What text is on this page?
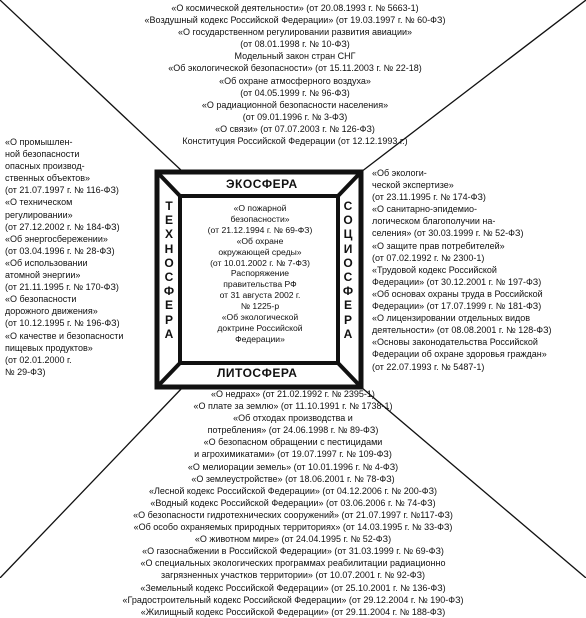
ЭКОСФЕРА
ЛИТОСФЕРА
Т
Е
Х
Н
О
С
Ф
Е
Р
А
С
О
Ц
И
О
С
Ф
Е
Р
А
«О пожарной
безопасности»
(от 21.12.1994 г. № 69-ФЗ)
«Об охране
окружающей среды»
(от 10.01.2002 г. № 7-ФЗ)
Распоряжение
правительства РФ
от 31 августа 2002 г.
№ 1225-р
«Об экологической
доктрине Российской
Федерации»
«О космической деятельности» (от 20.08.1993 г. № 5663-1)
«Воздушный кодекс Российской Федерации» (от 19.03.1997 г. № 60-ФЗ)
«О государственном регулировании развития авиации»
(от 08.01.1998 г. № 10-ФЗ)
Модельный закон стран СНГ
«Об экологической безопасности» (от 15.11.2003 г. № 22-18)
«Об охране атмосферного воздуха»
(от 04.05.1999 г. № 96-ФЗ)
«О радиационной безопасности населения»
(от 09.01.1996 г. № 3-ФЗ)
«О связи» (от 07.07.2003 г. № 126-ФЗ)
Конституция Российской Федерации (от 12.12.1993 г.)
«О промышлен-
ной безопасности
опасных производ-
ственных объектов»
(от 21.07.1997 г. № 116-ФЗ)
«О техническом
регулировании»
(от 27.12.2002 г. № 184-ФЗ)
«Об энергосбережении»
(от 03.04.1996 г. № 28-ФЗ)
«Об использовании
атомной энергии»
(от 21.11.1995 г. № 170-ФЗ)
«О безопасности
дорожного движения»
(от 10.12.1995 г. № 196-ФЗ)
«О качестве и безопасности
пищевых продуктов»
(от 02.01.2000 г.
№ 29-ФЗ)
«Об экологи-
ческой экспертизе»
(от 23.11.1995 г. № 174-ФЗ)
«О санитарно-эпидемио-
логическом благополучии на-
селения» (от 30.03.1999 г. № 52-ФЗ)
«О защите прав потребителей»
(от 07.02.1992 г. № 2300-1)
«Трудовой кодекс Российской
Федерации» (от 30.12.2001 г. № 197-ФЗ)
«Об основах охраны труда в Российской
Федерации» (от 17.07.1999 г. № 181-ФЗ)
«О лицензировании отдельных видов
деятельности» (от 08.08.2001 г. № 128-ФЗ)
«Основы законодательства Российской
Федерации об охране здоровья граждан»
(от 22.07.1993 г. № 5487-1)
«О недрах» (от 21.02.1992 г. № 2395-1)
«О плате за землю» (от 11.10.1991 г. № 1738-1)
«Об отходах производства и
потребления» (от 24.06.1998 г. № 89-ФЗ)
«О безопасном обращении с пестицидами
и агрохимикатами» (от 19.07.1997 г. № 109-ФЗ)
«О мелиорации земель» (от 10.01.1996 г. № 4-ФЗ)
«О землеустройстве» (от 18.06.2001 г. № 78-ФЗ)
«Лесной кодекс Российской Федерации» (от 04.12.2006 г. № 200-ФЗ)
«Водный кодекс Российской Федерации» (от 03.06.2006 г. № 74-ФЗ)
«О безопасности гидротехнических сооружений» (от 21.07.1997 г. №117-ФЗ)
«Об особо охраняемых природных территориях» (от 14.03.1995 г. № 33-ФЗ)
«О животном мире» (от 24.04.1995 г. № 52-ФЗ)
«О газоснабжении в Российской Федерации» (от 31.03.1999 г. № 69-ФЗ)
«О специальных экологических программах реабилитации радиационно
загрязненных участков территории» (от 10.07.2001 г. № 92-ФЗ)
«Земельный кодекс Российской Федерации» (от 25.10.2001 г. № 136-ФЗ)
«Градостроительный кодекс Российской Федерации» (от 29.12.2004 г. № 190-ФЗ)
«Жилищный кодекс Российской Федерации» (от 29.11.2004 г. № 188-ФЗ)
